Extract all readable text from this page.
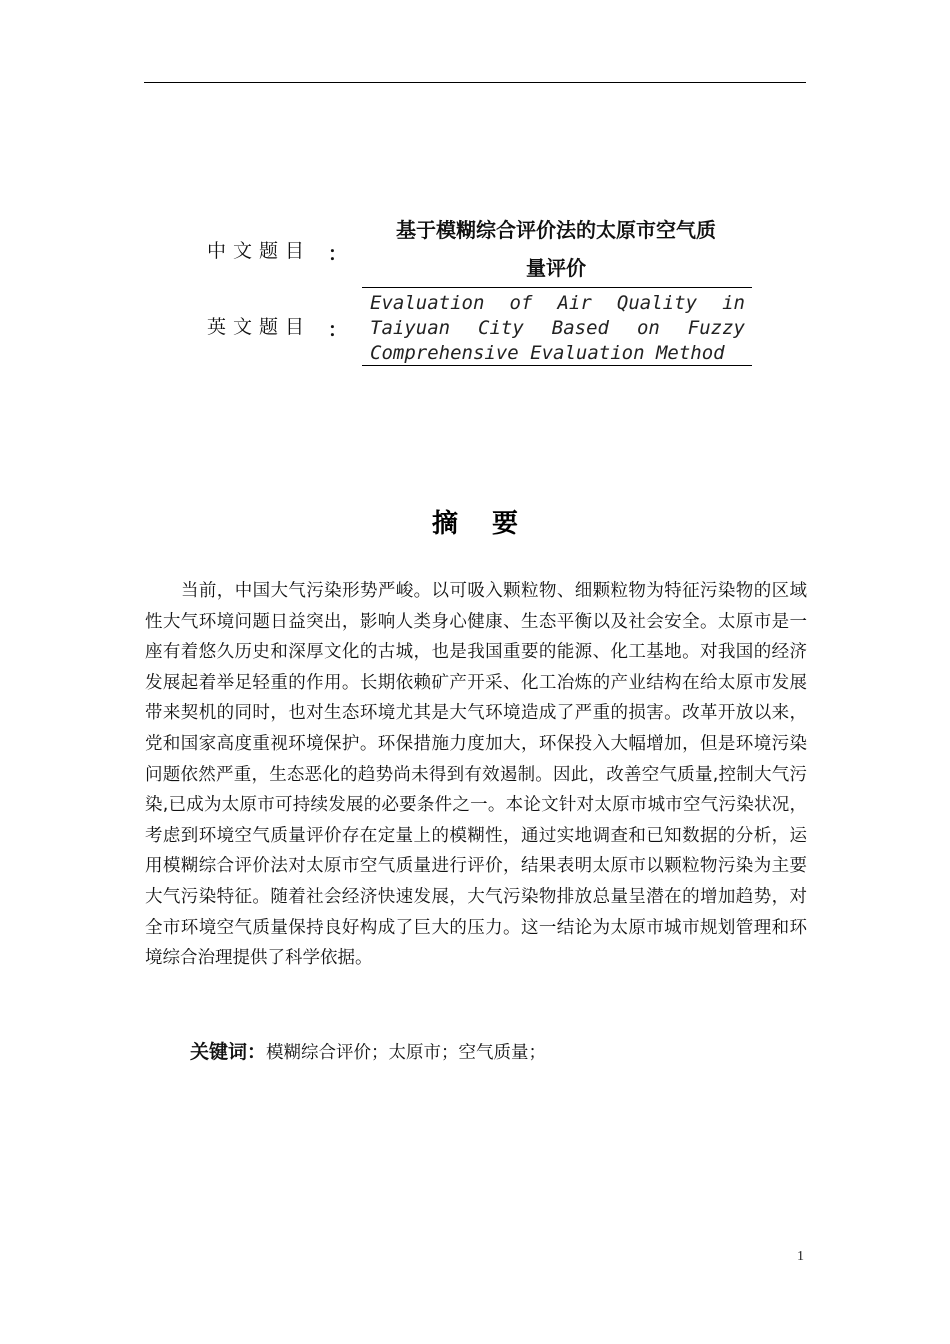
中文题目 ：
基于模糊综合评价法的太原市空气质
量评价
英文题目 ：
Evaluation of Air Quality in
Taiyuan City Based on Fuzzy
Comprehensive Evaluation Method
摘要

当前，中国大气污染形势严峻。以可吸入颗粒物、细颗粒物为特征污染物的区域性大气环境问题日益突出，影响人类身心健康、生态平衡以及社会安全。太原市是一座有着悠久历史和深厚文化的古城，也是我国重要的能源、化工基地。对我国的经济发展起着举足轻重的作用。长期依赖矿产开采、化工冶炼的产业结构在给太原市发展带来契机的同时，也对生态环境尤其是大气环境造成了严重的损害。改革开放以来，党和国家高度重视环境保护。环保措施力度加大，环保投入大幅增加，但是环境污染问题依然严重，生态恶化的趋势尚未得到有效遏制。因此，改善空气质量,控制大气污染,已成为太原市可持续发展的必要条件之一。本论文针对太原市城市空气污染状况，考虑到环境空气质量评价存在定量上的模糊性，通过实地调查和已知数据的分析，运用模糊综合评价法对太原市空气质量进行评价，结果表明太原市以颗粒物污染为主要大气污染特征。随着社会经济快速发展，大气污染物排放总量呈潜在的增加趋势，对全市环境空气质量保持良好构成了巨大的压力。这一结论为太原市城市规划管理和环境综合治理提供了科学依据。

关键词：模糊综合评价；太原市；空气质量；
1
